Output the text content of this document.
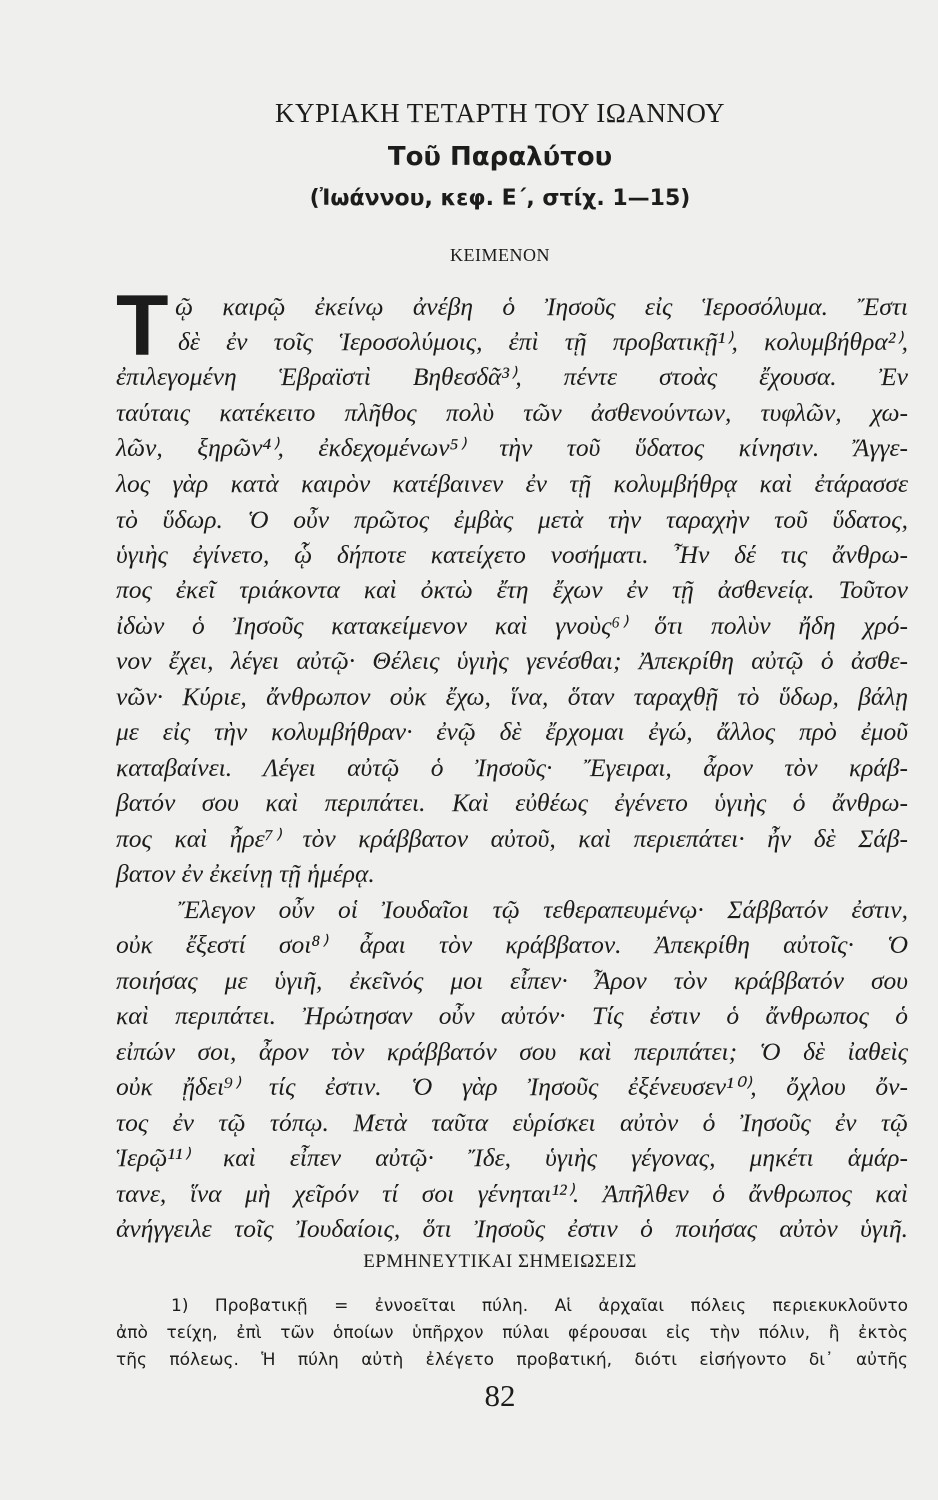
ΚΥΡΙΑΚΗ ΤΕΤΑΡΤΗ ΤΟΥ ΙΩΑΝΝΟΥ
Τοῦ Παραλύτου
(Ἰωάννου, κεφ. Ε΄, στίχ. 1—15)
ΚΕΙΜΕΝΟΝ
Τ ῷ καιρῷ ἐκείνῳ ἀνέβη ὁ Ἰησοῦς εἰς Ἱεροσόλυμα. Ἔστι
δὲ ἐν τοῖς Ἱεροσολύμοις, ἐπὶ τῇ προβατικῇ¹⁾, κολυμβήθρα²⁾,
ἐπιλεγομένη Ἑβραϊστὶ Βηθεσδᾶ³⁾, πέντε στοὰς ἔχουσα. Ἐν
ταύταις κατέκειτο πλῆθος πολὺ τῶν ἀσθενούντων, τυφλῶν, χω-
λῶν, ξηρῶν⁴⁾, ἐκδεχομένων⁵⁾ τὴν τοῦ ὕδατος κίνησιν. Ἄγγε-
λος γὰρ κατὰ καιρὸν κατέβαινεν ἐν τῇ κολυμβήθρᾳ καὶ ἐτάρασσε
τὸ ὕδωρ. Ὁ οὖν πρῶτος ἐμβὰς μετὰ τὴν ταραχὴν τοῦ ὕδατος,
ὑγιὴς ἐγίνετο, ᾧ δήποτε κατείχετο νοσήματι. Ἦν δέ τις ἄνθρω-
πος ἐκεῖ τριάκοντα καὶ ὀκτὼ ἔτη ἔχων ἐν τῇ ἀσθενείᾳ. Τοῦτον
ἰδὼν ὁ Ἰησοῦς κατακείμενον καὶ γνοὺς⁶⁾ ὅτι πολὺν ἤδη χρό-
νον ἔχει, λέγει αὐτῷ· Θέλεις ὑγιὴς γενέσθαι; Ἀπεκρίθη αὐτῷ ὁ ἀσθε-
νῶν· Κύριε, ἄνθρωπον οὐκ ἔχω, ἵνα, ὅταν ταραχθῇ τὸ ὕδωρ, βάλῃ
με εἰς τὴν κολυμβήθραν· ἐνῷ δὲ ἔρχομαι ἐγώ, ἄλλος πρὸ ἐμοῦ
καταβαίνει. Λέγει αὐτῷ ὁ Ἰησοῦς· Ἔγειραι, ἆρον τὸν κράβ-
βατόν σου καὶ περιπάτει. Καὶ εὐθέως ἐγένετο ὑγιὴς ὁ ἄνθρω-
πος καὶ ἦρε⁷⁾ τὸν κράββατον αὐτοῦ, καὶ περιεπάτει· ἦν δὲ Σάβ-
βατον ἐν ἐκείνῃ τῇ ἡμέρᾳ.
Ἔλεγον οὖν οἱ Ἰουδαῖοι τῷ τεθεραπευμένῳ· Σάββατόν ἐστιν,
οὐκ ἔξεστί σοι⁸⁾ ἆραι τὸν κράββατον. Ἀπεκρίθη αὐτοῖς· Ὁ
ποιήσας με ὑγιῆ, ἐκεῖνός μοι εἶπεν· Ἆρον τὸν κράββατόν σου
καὶ περιπάτει. Ἠρώτησαν οὖν αὐτόν· Τίς ἐστιν ὁ ἄνθρωπος ὁ
εἰπών σοι, ἆρον τὸν κράββατόν σου καὶ περιπάτει; Ὁ δὲ ἰαθεὶς
οὐκ ᾔδει⁹⁾ τίς ἐστιν. Ὁ γὰρ Ἰησοῦς ἐξένευσεν¹⁰⁾, ὄχλου ὄν-
τος ἐν τῷ τόπῳ. Μετὰ ταῦτα εὑρίσκει αὐτὸν ὁ Ἰησοῦς ἐν τῷ
Ἱερῷ¹¹⁾ καὶ εἶπεν αὐτῷ· Ἴδε, ὑγιὴς γέγονας, μηκέτι ἁμάρ-
τανε, ἵνα μὴ χεῖρόν τί σοι γένηται¹²⁾. Ἀπῆλθεν ὁ ἄνθρωπος καὶ
ἀνήγγειλε τοῖς Ἰουδαίοις, ὅτι Ἰησοῦς ἐστιν ὁ ποιήσας αὐτὸν ὑγιῆ.
ΕΡΜΗΝΕΥΤΙΚΑΙ ΣΗΜΕΙΩΣΕΙΣ
1) Προβατικῇ = ἐννοεῖται πύλη. Αἱ ἀρχαῖαι πόλεις περιεκυκλοῦντο
ἀπὸ τείχη, ἐπὶ τῶν ὁποίων ὑπῆρχον πύλαι φέρουσαι εἰς τὴν πόλιν, ἢ ἐκτὸς
τῆς πόλεως. Ἡ πύλη αὐτὴ ἐλέγετο προβατική, διότι εἰσήγοντο δι᾽ αὐτῆς
82
